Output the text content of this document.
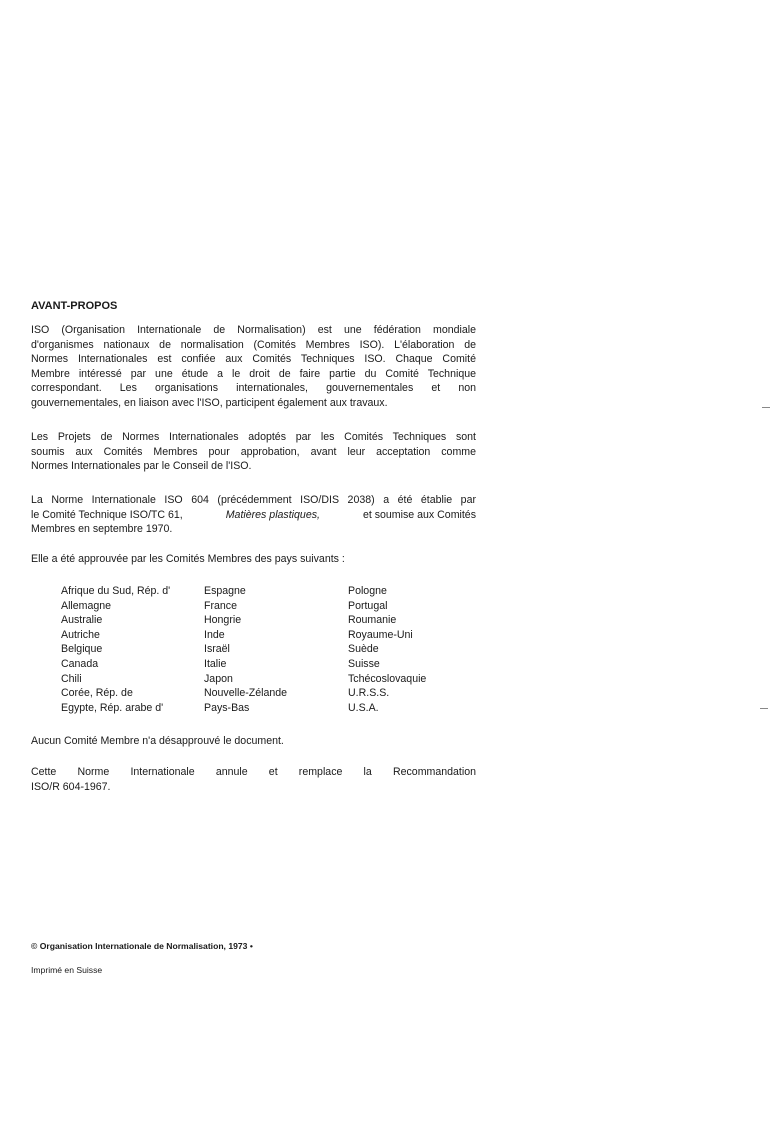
AVANT-PROPOS
ISO (Organisation Internationale de Normalisation) est une fédération mondiale
d'organismes nationaux de normalisation (Comités Membres ISO). L'élaboration de
Normes Internationales est confiée aux Comités Techniques ISO. Chaque Comité
Membre intéressé par une étude a le droit de faire partie du Comité Technique
correspondant. Les organisations internationales, gouvernementales et non
gouvernementales, en liaison avec l'ISO, participent également aux travaux.
Les Projets de Normes Internationales adoptés par les Comités Techniques sont
soumis aux Comités Membres pour approbation, avant leur acceptation comme
Normes Internationales par le Conseil de l'ISO.
La Norme Internationale ISO 604 (précédemment ISO/DIS 2038) a été établie par
le Comité Technique ISO/TC 61,	Matières plastiques,	et soumise aux Comités
Membres en septembre 1970.
Elle a été approuvée par les Comités Membres des pays suivants :
Afrique du Sud, Rép. d'
Allemagne
Australie
Autriche
Belgique
Canada
Chili
Corée, Rép. de
Egypte, Rép. arabe d'
Espagne
France
Hongrie
Inde
Israël
Italie
Japon
Nouvelle-Zélande
Pays-Bas
Pologne
Portugal
Roumanie
Royaume-Uni
Suède
Suisse
Tchécoslovaquie
U.R.S.S.
U.S.A.
Aucun Comité Membre n'a désapprouvé le document.
Cette Norme Internationale annule et remplace la Recommandation
ISO/R 604-1967.
© Organisation Internationale de Normalisation, 1973 •
Imprimé en Suisse
